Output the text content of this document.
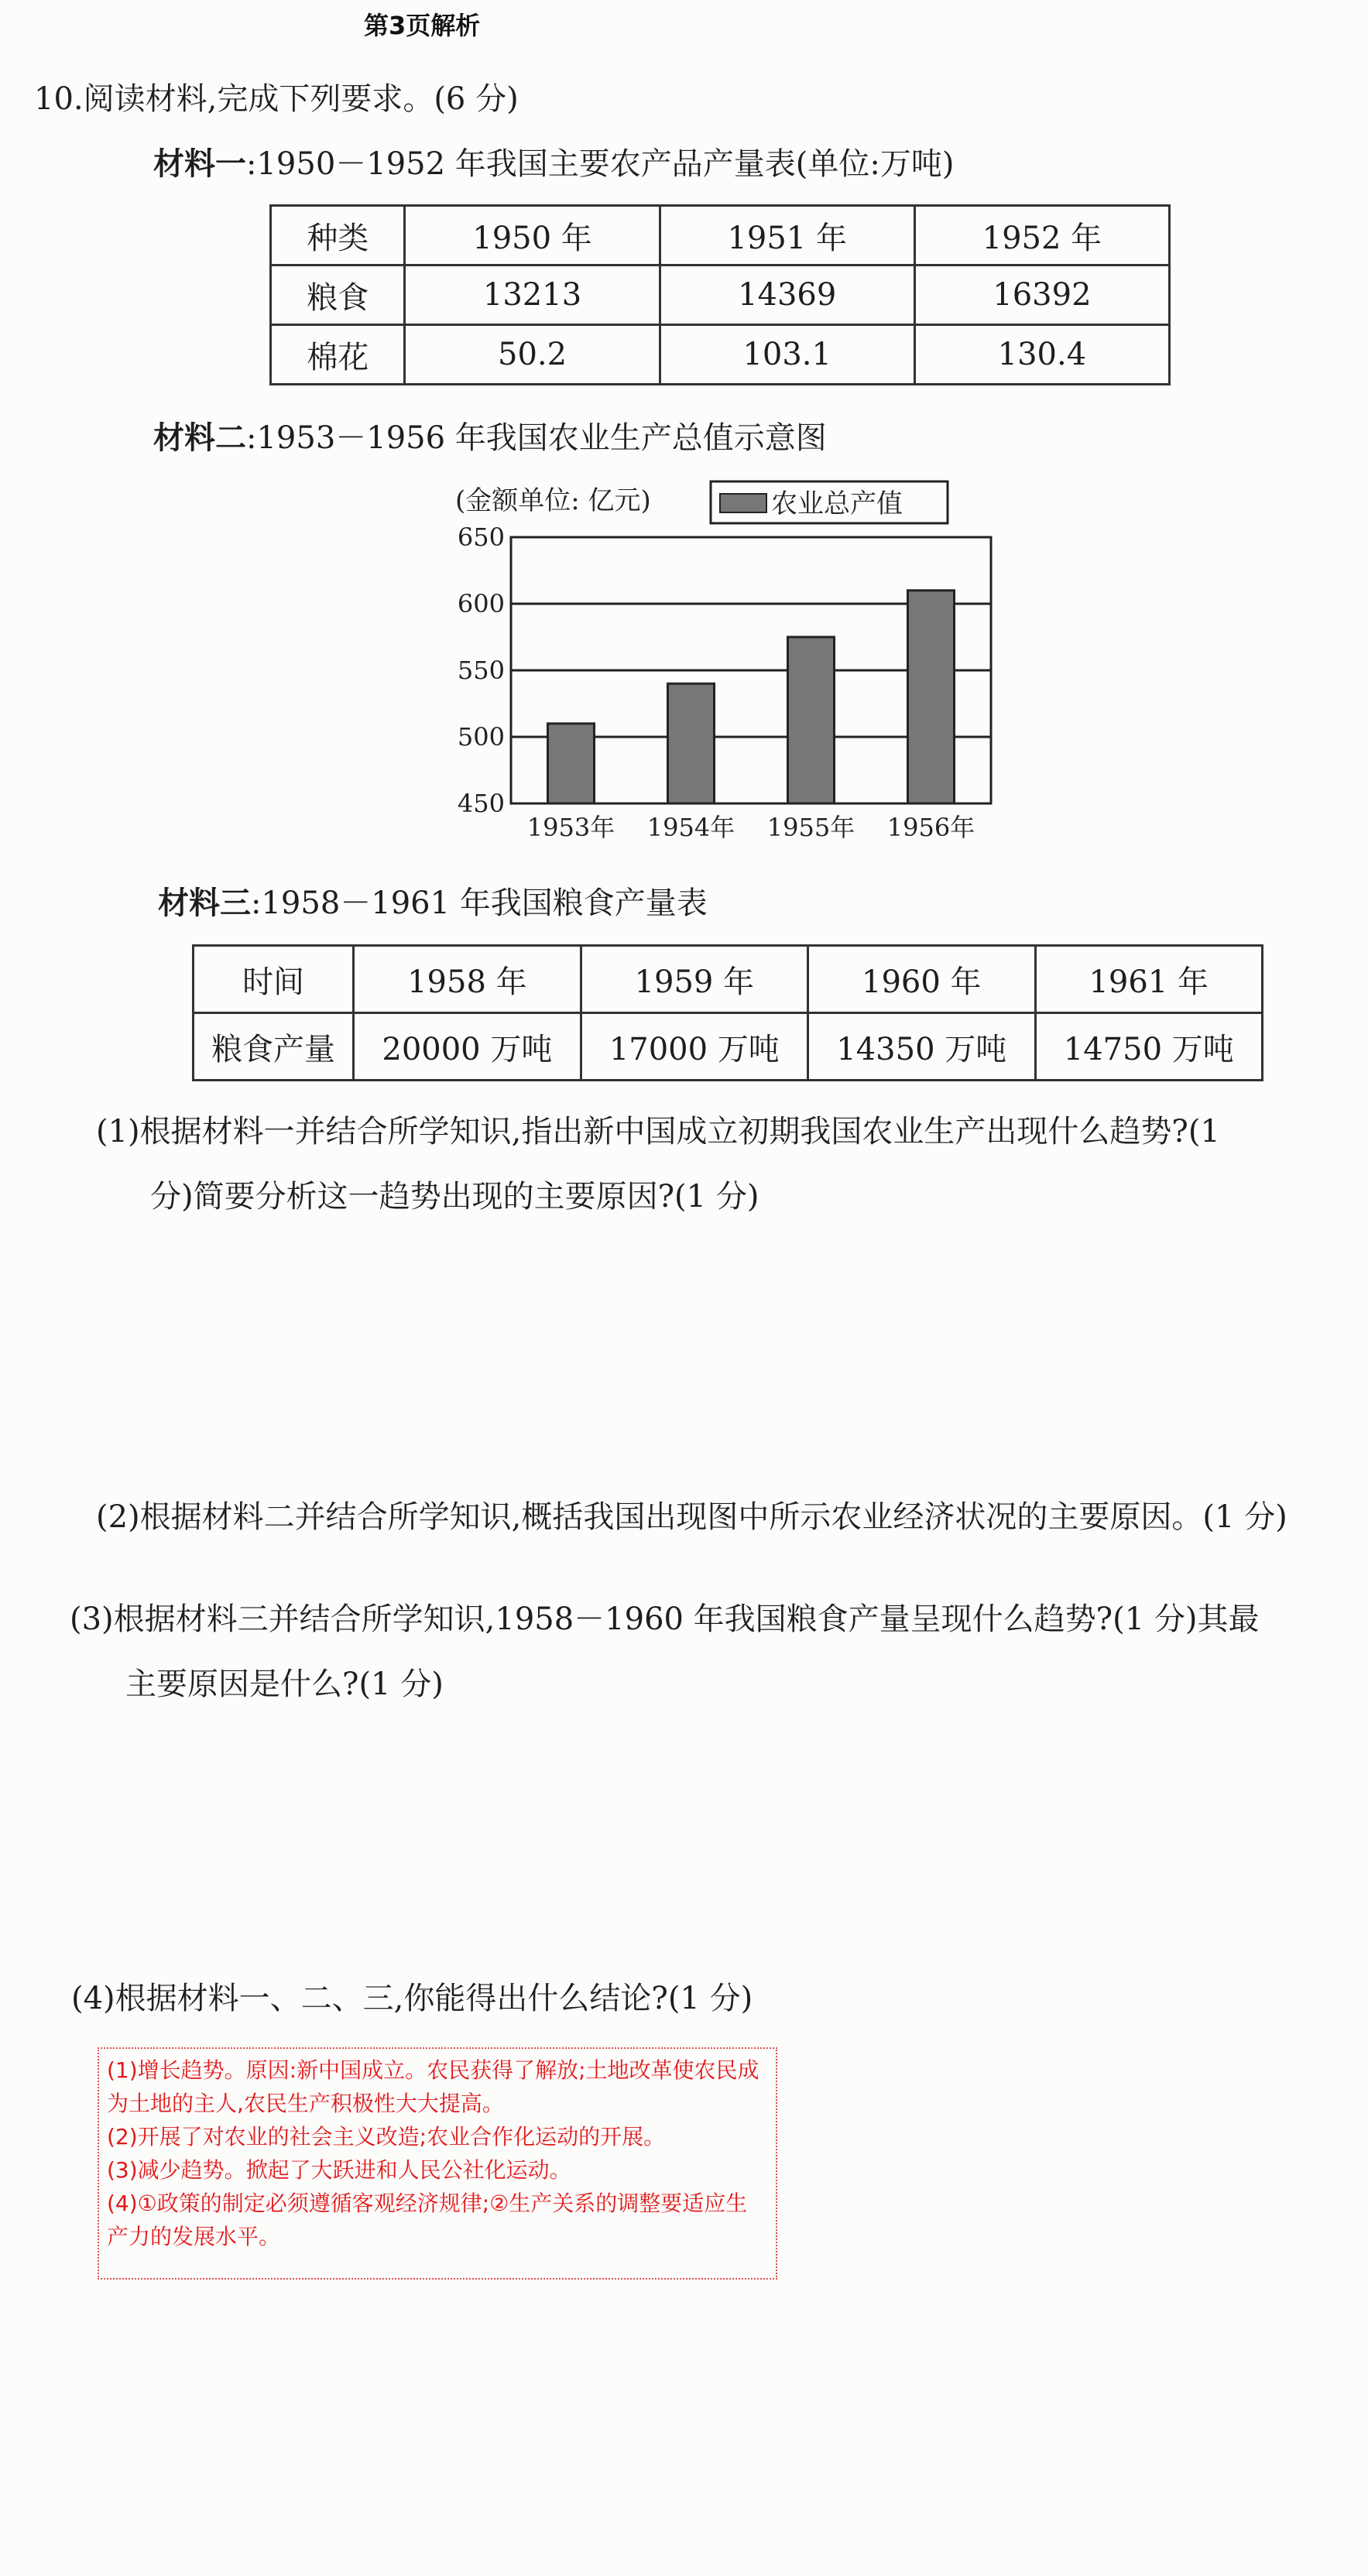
第3页解析
10.阅读材料,完成下列要求。(6 分)
材料一:1950－1952 年我国主要农产品产量表(单位:万吨)
种类	1950 年	1951 年	1952 年
粮食	13213	14369	16392
棉花	50.2	103.1	130.4
材料二:1953－1956 年我国农业生产总值示意图
(金额单位: 亿元)	农业总产值
650
600
550
500
450
1953年 1954年 1955年 1956年
材料三:1958－1961 年我国粮食产量表
时间	1958 年	1959 年	1960 年	1961 年
粮食产量	20000 万吨	17000 万吨	14350 万吨	14750 万吨
(1)根据材料一并结合所学知识,指出新中国成立初期我国农业生产出现什么趋势?(1
分)简要分析这一趋势出现的主要原因?(1 分)
(2)根据材料二并结合所学知识,概括我国出现图中所示农业经济状况的主要原因。(1 分)
(3)根据材料三并结合所学知识,1958－1960 年我国粮食产量呈现什么趋势?(1 分)其最
主要原因是什么?(1 分)
(4)根据材料一、二、三,你能得出什么结论?(1 分)
(1)增长趋势。原因:新中国成立。农民获得了解放;土地改革使农民成为土地的主人,农民生产积极性大大提高。
(2)开展了对农业的社会主义改造;农业合作化运动的开展。
(3)减少趋势。掀起了大跃进和人民公社化运动。
(4)①政策的制定必须遵循客观经济规律;②生产关系的调整要适应生产力的发展水平。
